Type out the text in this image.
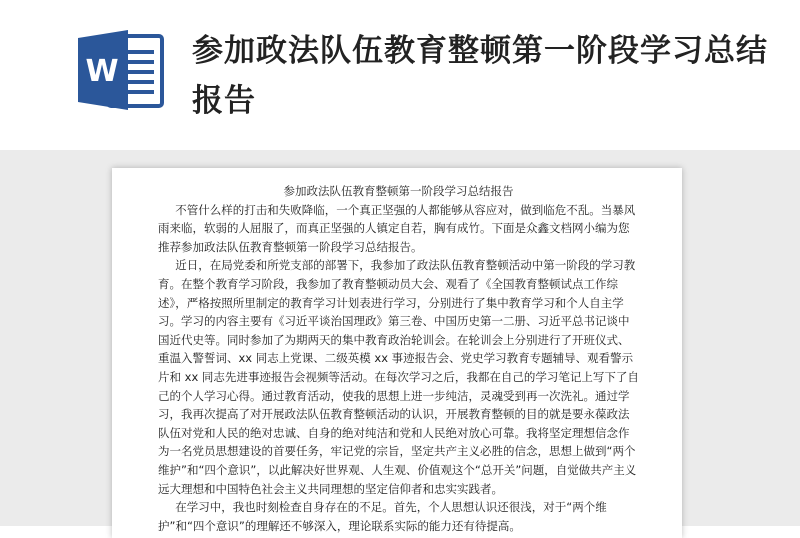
W
参加政法队伍教育整顿第一阶段学习总结报告

参加政法队伍教育整顿第一阶段学习总结报告

不管什么样的打击和失败降临，一个真正坚强的人都能够从容应对，做到临危不乱。当暴风雨来临，软弱的人屈服了，而真正坚强的人镇定自若，胸有成竹。下面是众鑫文档网小编为您推荐参加政法队伍教育整顿第一阶段学习总结报告。

近日，在局党委和所党支部的部署下，我参加了政法队伍教育整顿活动中第一阶段的学习教育。在整个教育学习阶段，我参加了教育整顿动员大会、观看了《全国教育整顿试点工作综述》，严格按照所里制定的教育学习计划表进行学习，分别进行了集中教育学习和个人自主学习。学习的内容主要有《习近平谈治国理政》第三卷、中国历史第一二册、习近平总书记谈中国近代史等。同时参加了为期两天的集中教育政治轮训会。在轮训会上分别进行了开班仪式、重温入警誓词、xx 同志上党课、二级英模 xx 事迹报告会、党史学习教育专题辅导、观看警示片和 xx 同志先进事迹报告会视频等活动。在每次学习之后，我都在自己的学习笔记上写下了自己的个人学习心得。通过教育活动，使我的思想上进一步纯洁，灵魂受到再一次洗礼。通过学习，我再次提高了对开展政法队伍教育整顿活动的认识，开展教育整顿的目的就是要永葆政法队伍对党和人民的绝对忠诚、自身的绝对纯洁和党和人民绝对放心可靠。我将坚定理想信念作为一名党员思想建设的首要任务，牢记党的宗旨，坚定共产主义必胜的信念，思想上做到“两个维护”和“四个意识”，以此解决好世界观、人生观、价值观这个“总开关”问题，自觉做共产主义远大理想和中国特色社会主义共同理想的坚定信仰者和忠实实践者。

在学习中，我也时刻检查自身存在的不足。首先，个人思想认识还很浅，对于“两个维护”和“四个意识”的理解还不够深入，理论联系实际的能力还有待提高。
